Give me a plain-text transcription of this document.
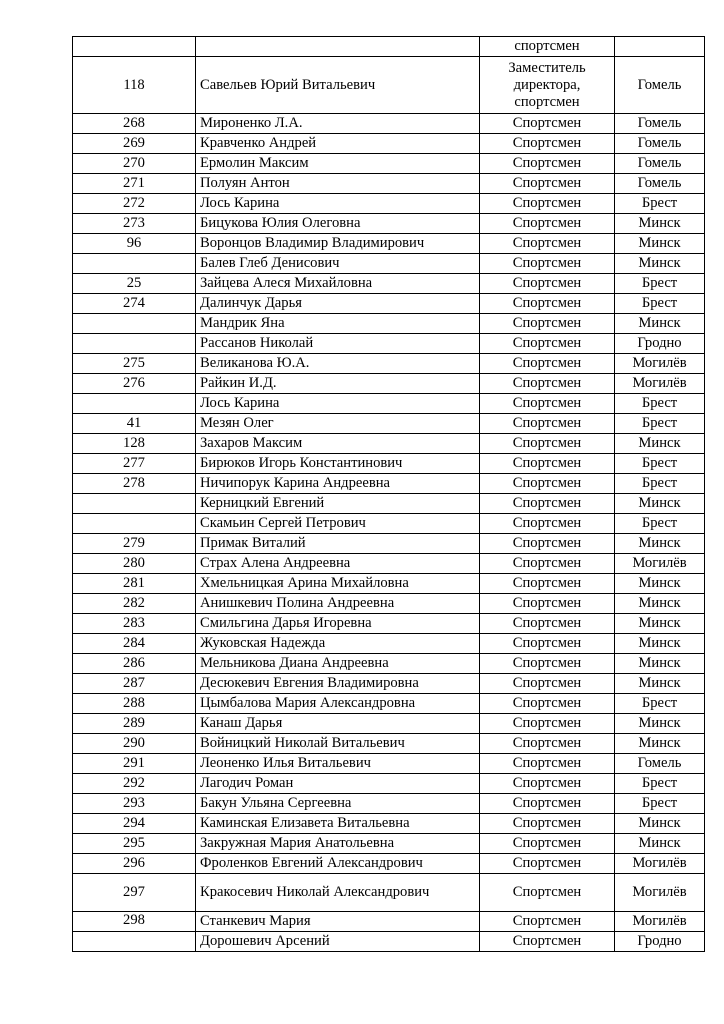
		спортсмен	
118	Савельев Юрий Витальевич	Заместитель директора, спортсмен	Гомель
268	Мироненко Л.А.	Спортсмен	Гомель
269	Кравченко Андрей	Спортсмен	Гомель
270	Ермолин Максим	Спортсмен	Гомель
271	Полуян Антон	Спортсмен	Гомель
272	Лось Карина	Спортсмен	Брест
273	Бицукова Юлия Олеговна	Спортсмен	Минск
96	Воронцов Владимир Владимирович	Спортсмен	Минск
	Балев Глеб Денисович	Спортсмен	Минск
25	Зайцева Алеся Михайловна	Спортсмен	Брест
274	Далинчук Дарья	Спортсмен	Брест
	Мандрик Яна	Спортсмен	Минск
	Рассанов Николай	Спортсмен	Гродно
275	Великанова Ю.А.	Спортсмен	Могилёв
276	Райкин И.Д.	Спортсмен	Могилёв
	Лось Карина	Спортсмен	Брест
41	Мезян Олег	Спортсмен	Брест
128	Захаров Максим	Спортсмен	Минск
277	Бирюков Игорь Константинович	Спортсмен	Брест
278	Ничипорук Карина Андреевна	Спортсмен	Брест
	Керницкий Евгений	Спортсмен	Минск
	Скамьин Сергей Петрович	Спортсмен	Брест
279	Примак Виталий	Спортсмен	Минск
280	Страх Алена Андреевна	Спортсмен	Могилёв
281	Хмельницкая Арина Михайловна	Спортсмен	Минск
282	Анишкевич Полина Андреевна	Спортсмен	Минск
283	Смильгина Дарья Игоревна	Спортсмен	Минск
284	Жуковская Надежда	Спортсмен	Минск
286	Мельникова Диана Андреевна	Спортсмен	Минск
287	Десюкевич Евгения Владимировна	Спортсмен	Минск
288	Цымбалова Мария Александровна	Спортсмен	Брест
289	Канаш Дарья	Спортсмен	Минск
290	Войницкий Николай Витальевич	Спортсмен	Минск
291	Леоненко Илья Витальевич	Спортсмен	Гомель
292	Лагодич Роман	Спортсмен	Брест
293	Бакун Ульяна Сергеевна	Спортсмен	Брест
294	Каминская Елизавета Витальевна	Спортсмен	Минск
295	Закружная Мария Анатольевна	Спортсмен	Минск
296	Фроленков Евгений Александрович	Спортсмен	Могилёв
297	Кракосевич Николай Александрович	Спортсмен	Могилёв
298	Станкевич Мария	Спортсмен	Могилёв
	Дорошевич Арсений	Спортсмен	Гродно
